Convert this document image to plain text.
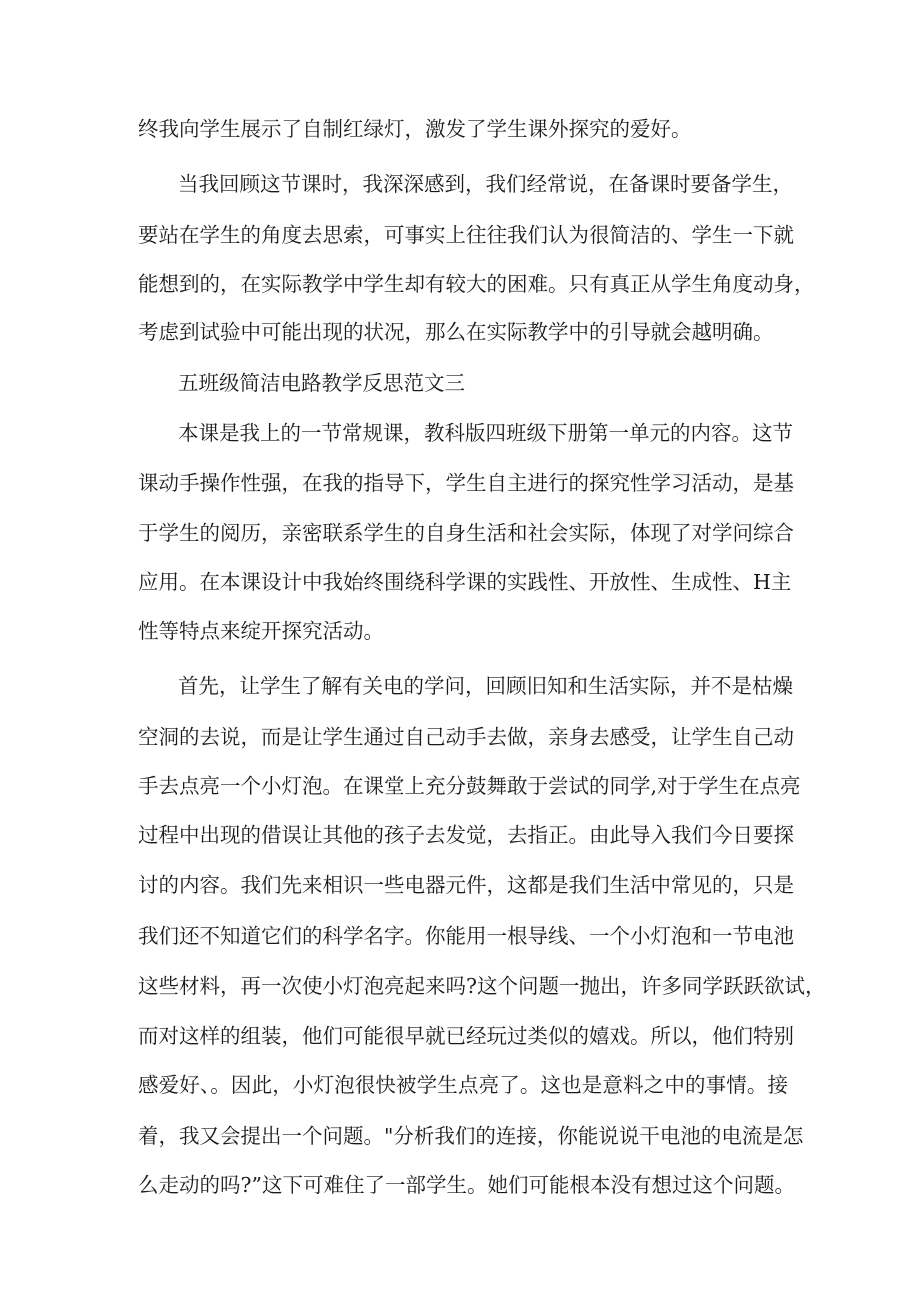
终我向学生展示了自制红绿灯，激发了学生课外探究的爱好。
当我回顾这节课时，我深深感到，我们经常说，在备课时要备学生，
要站在学生的角度去思索，可事实上往往我们认为很简洁的、学生一下就
能想到的，在实际教学中学生却有较大的困难。只有真正从学生角度动身，
考虑到试验中可能出现的状况，那么在实际教学中的引导就会越明确。
五班级简洁电路教学反思范文三
本课是我上的一节常规课，教科版四班级下册第一单元的内容。这节
课动手操作性强，在我的指导下，学生自主进行的探究性学习活动，是基
于学生的阅历，亲密联系学生的自身生活和社会实际，体现了对学问综合
应用。在本课设计中我始终围绕科学课的实践性、开放性、生成性、H主
性等特点来绽开探究活动。
首先，让学生了解有关电的学问，回顾旧知和生活实际，并不是枯燥
空洞的去说，而是让学生通过自己动手去做，亲身去感受，让学生自己动
手去点亮一个小灯泡。在课堂上充分鼓舞敢于尝试的同学,对于学生在点亮
过程中出现的借误让其他的孩子去发觉，去指正。由此导入我们今日要探
讨的内容。我们先来相识一些电器元件，这都是我们生活中常见的，只是
我们还不知道它们的科学名字。你能用一根导线、一个小灯泡和一节电池
这些材料，再一次使小灯泡亮起来吗?这个问题一抛出，许多同学跃跃欲试，
而对这样的组装，他们可能很早就已经玩过类似的嬉戏。所以，他们特别
感爱好、。因此，小灯泡很快被学生点亮了。这也是意料之中的事情。接
着，我又会提出一个问题。"分析我们的连接，你能说说干电池的电流是怎
么走动的吗?”这下可难住了一部学生。她们可能根本没有想过这个问题。
